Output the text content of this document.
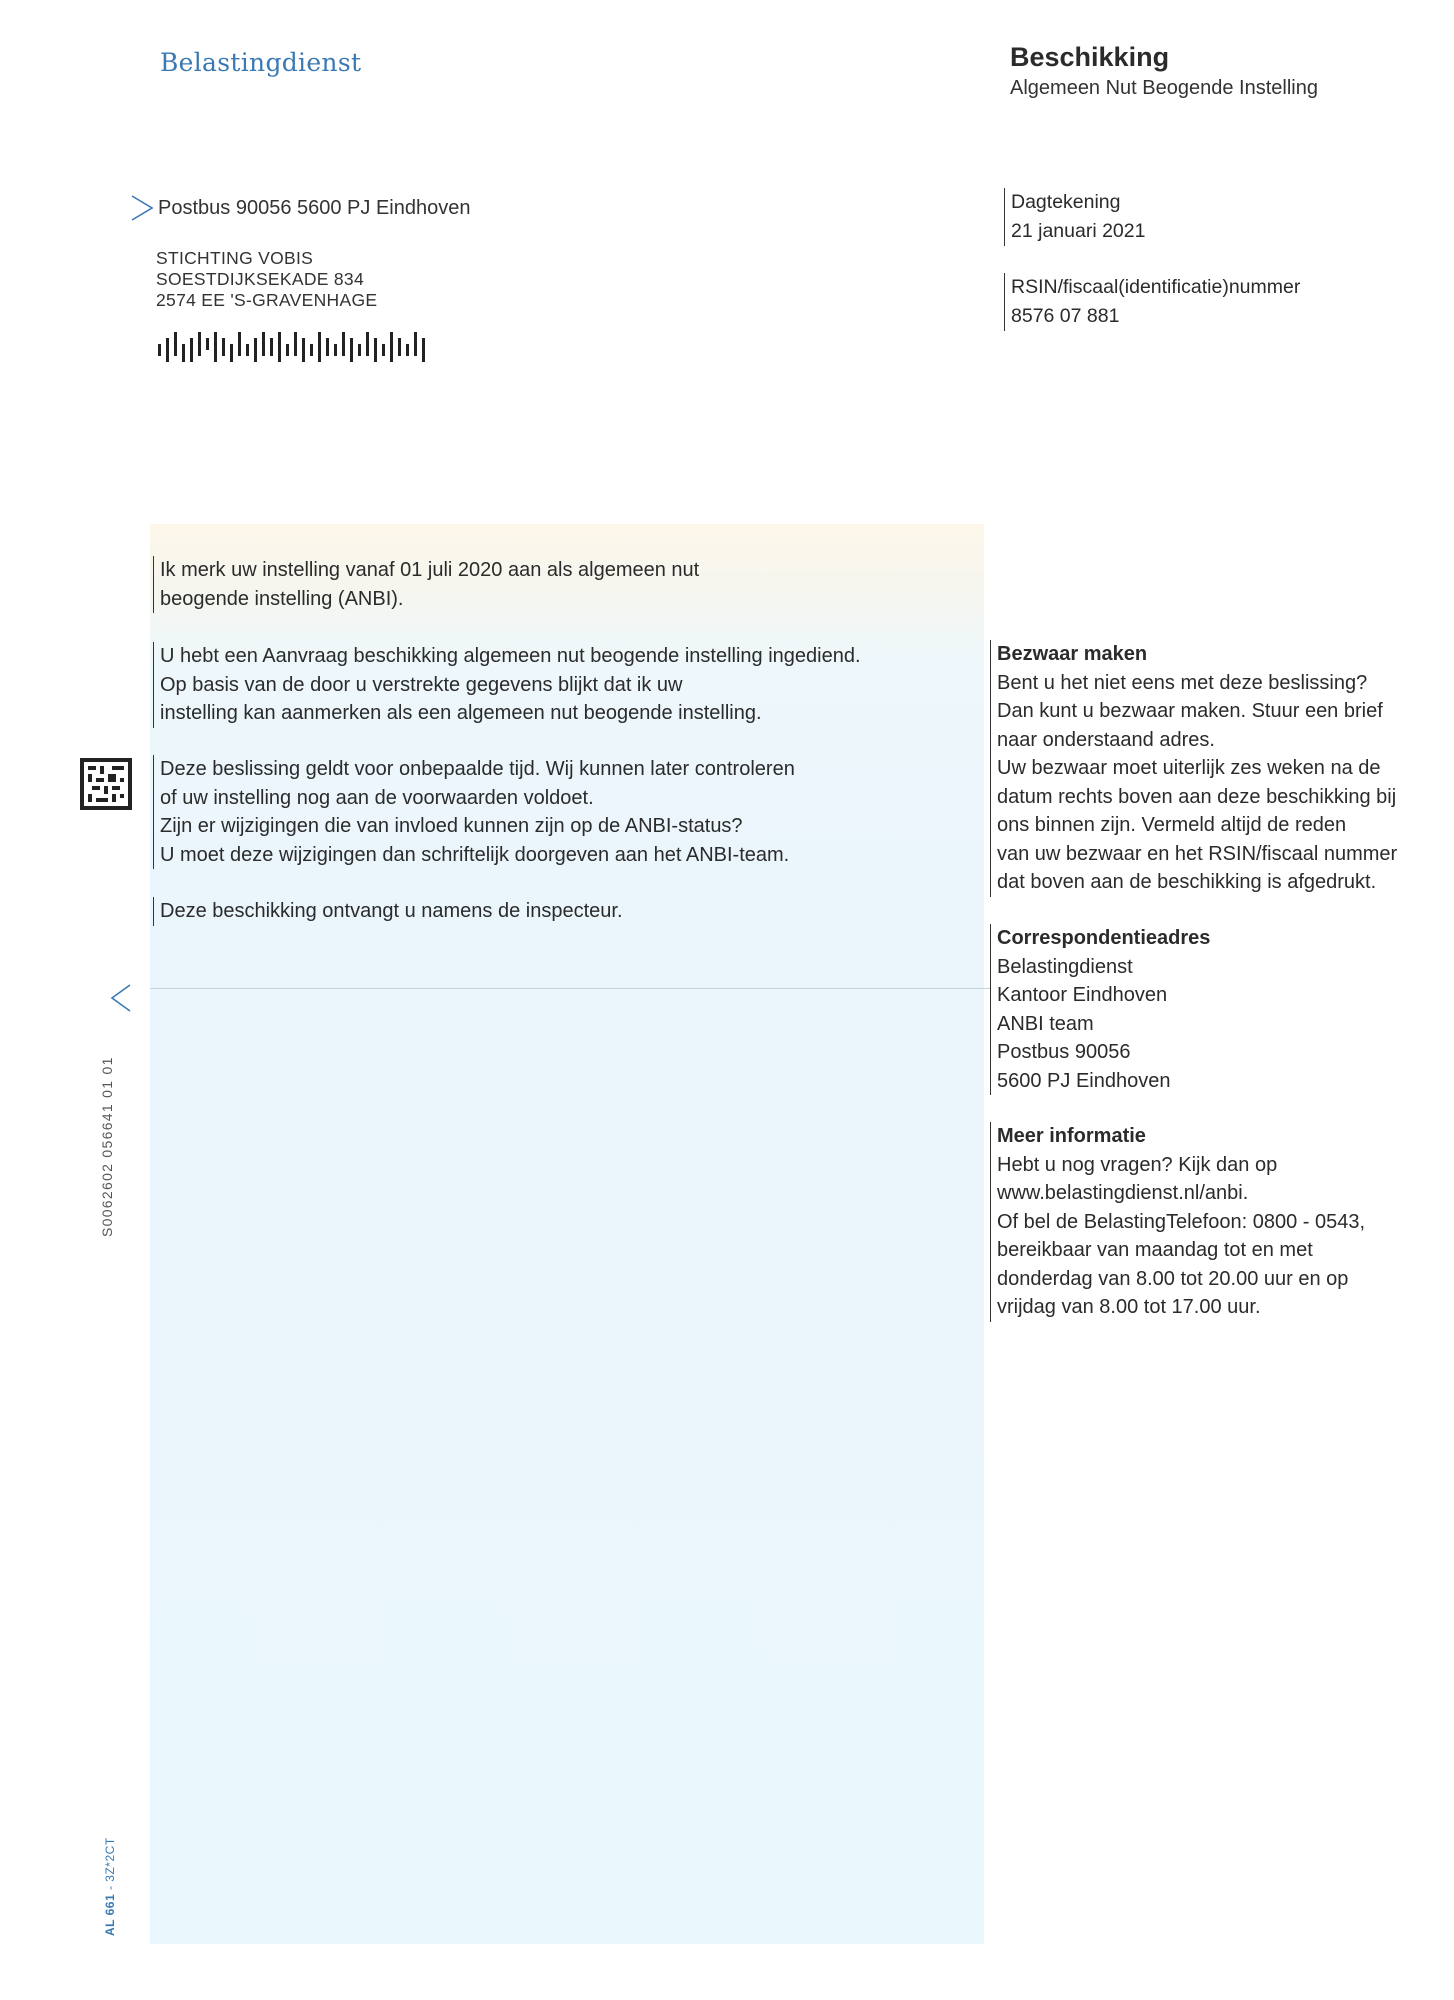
Belastingdienst	Beschikking
Algemeen Nut Beogende Instelling
Postbus 90056 5600 PJ Eindhoven
STICHTING VOBIS
SOESTDIJKSEKADE 834
2574 EE 'S-GRAVENHAGE
Dagtekening
21 januari 2021
RSIN/fiscaal(identificatie)nummer
8576 07 881

Ik merk uw instelling vanaf 01 juli 2020 aan als algemeen nut
beogende instelling (ANBI).

U hebt een Aanvraag beschikking algemeen nut beogende instelling ingediend.
Op basis van de door u verstrekte gegevens blijkt dat ik uw
instelling kan aanmerken als een algemeen nut beogende instelling.

Deze beslissing geldt voor onbepaalde tijd. Wij kunnen later controleren
of uw instelling nog aan de voorwaarden voldoet.
Zijn er wijzigingen die van invloed kunnen zijn op de ANBI-status?
U moet deze wijzigingen dan schriftelijk doorgeven aan het ANBI-team.

Deze beschikking ontvangt u namens de inspecteur.

Bezwaar maken
Bent u het niet eens met deze beslissing?
Dan kunt u bezwaar maken. Stuur een brief
naar onderstaand adres.
Uw bezwaar moet uiterlijk zes weken na de
datum rechts boven aan deze beschikking bij
ons binnen zijn. Vermeld altijd de reden
van uw bezwaar en het RSIN/fiscaal nummer
dat boven aan de beschikking is afgedrukt.
Correspondentieadres
Belastingdienst
Kantoor Eindhoven
ANBI team
Postbus 90056
5600 PJ Eindhoven
Meer informatie
Hebt u nog vragen? Kijk dan op
www.belastingdienst.nl/anbi.
Of bel de BelastingTelefoon: 0800 - 0543,
bereikbaar van maandag tot en met
donderdag van 8.00 tot 20.00 uur en op
vrijdag van 8.00 tot 17.00 uur.
S0062602 056641 01 01
AL 661 - 3Z*2CT
